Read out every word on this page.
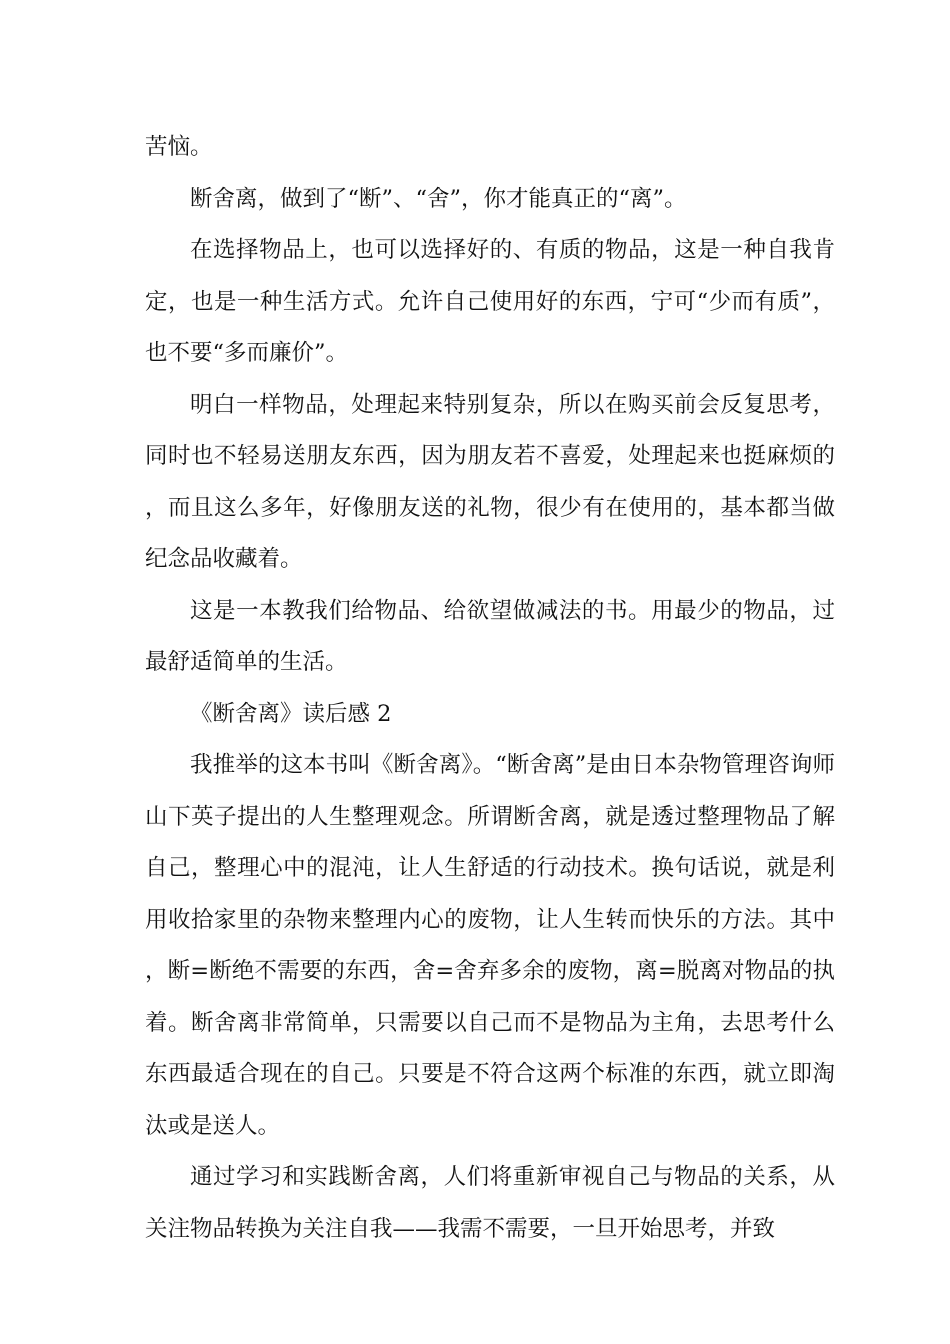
苦恼。

断舍离，做到了“断”、“舍”，你才能真正的“离”。

在选择物品上，也可以选择好的、有质的物品，这是一种自我肯定，也是一种生活方式。允许自己使用好的东西，宁可“少而有质”，也不要“多而廉价”。

明白一样物品，处理起来特别复杂，所以在购买前会反复思考，同时也不轻易送朋友东西，因为朋友若不喜爱，处理起来也挺麻烦的，而且这么多年，好像朋友送的礼物，很少有在使用的，基本都当做纪念品收藏着。

这是一本教我们给物品、给欲望做减法的书。用最少的物品，过最舒适简单的生活。

《断舍离》读后感 2

我推举的这本书叫《断舍离》。“断舍离”是由日本杂物管理咨询师山下英子提出的人生整理观念。所谓断舍离，就是透过整理物品了解自己，整理心中的混沌，让人生舒适的行动技术。换句话说，就是利用收拾家里的杂物来整理内心的废物，让人生转而快乐的方法。其中，断=断绝不需要的东西，舍=舍弃多余的废物，离=脱离对物品的执着。断舍离非常简单，只需要以自己而不是物品为主角，去思考什么东西最适合现在的自己。只要是不符合这两个标准的东西，就立即淘汰或是送人。

通过学习和实践断舍离，人们将重新审视自己与物品的关系，从关注物品转换为关注自我——我需不需要，一旦开始思考，并致
